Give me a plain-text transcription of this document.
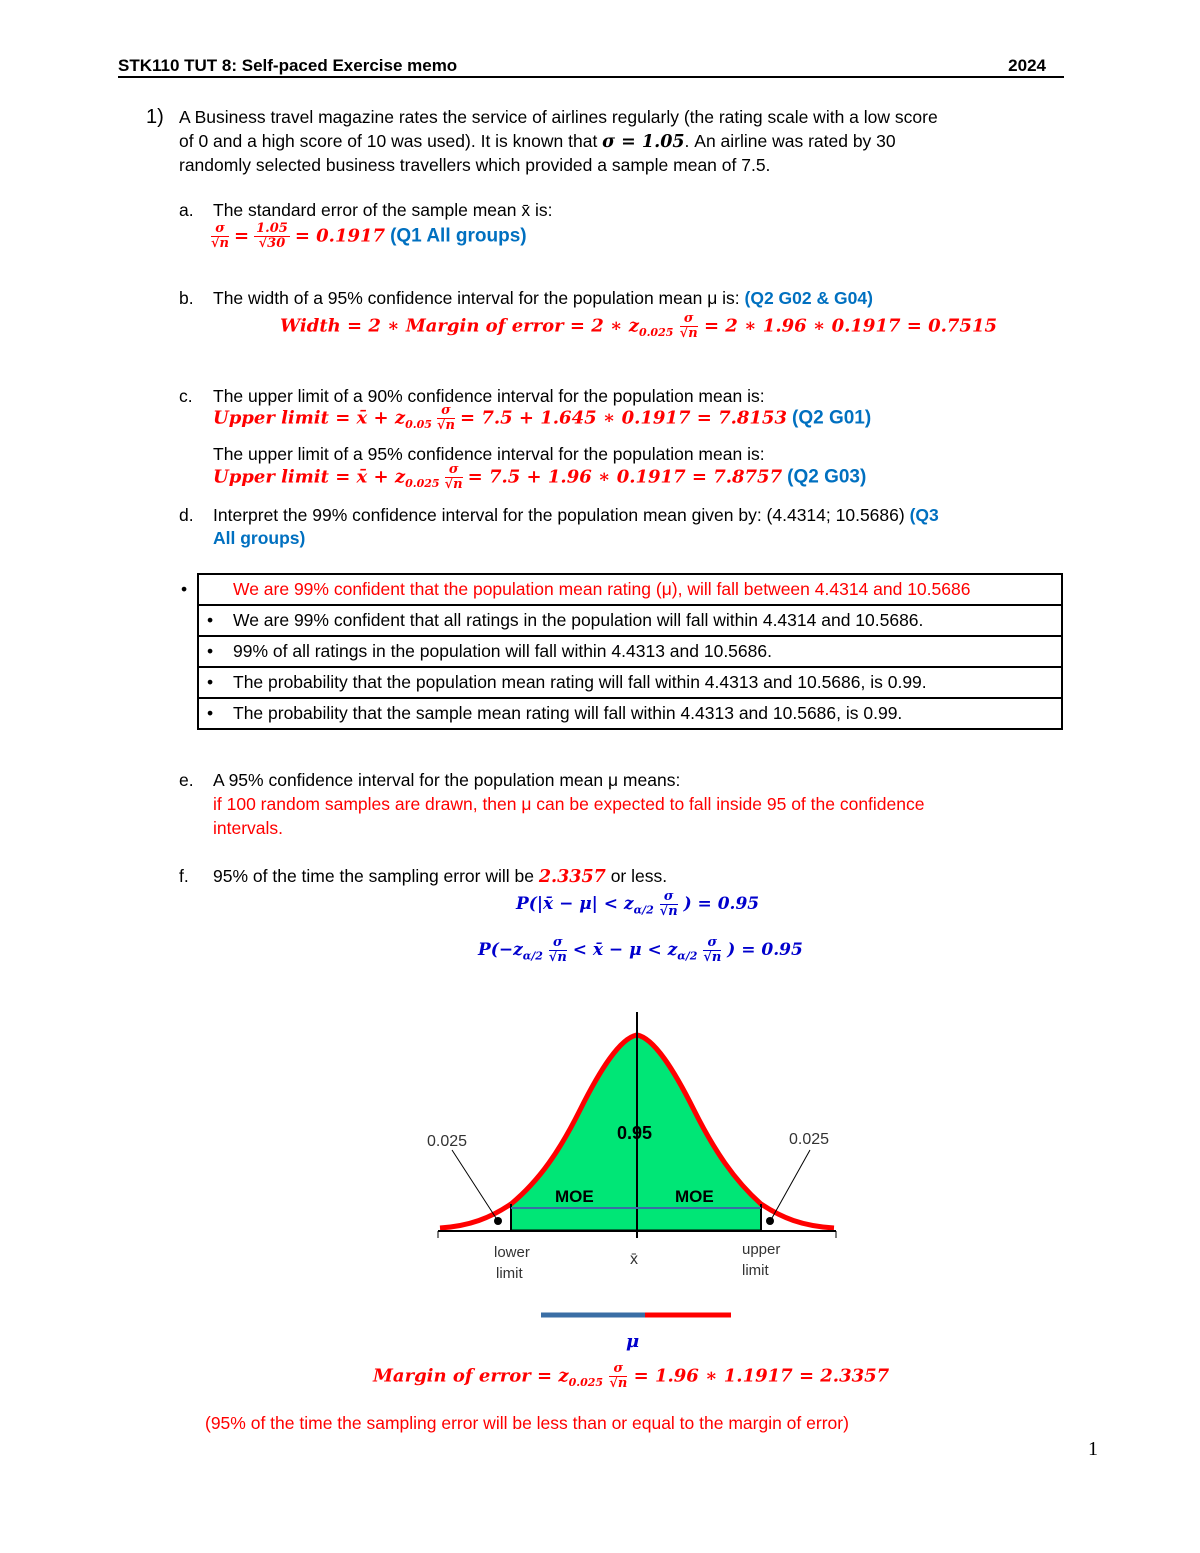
STK110 TUT 8: Self-paced Exercise memo	2024
1) A Business travel magazine rates the service of airlines regularly (the rating scale with a low score
of 0 and a high score of 10 was used). It is known that σ = 1.05. An airline was rated by 30
randomly selected business travellers which provided a sample mean of 7.5.
a. The standard error of the sample mean x̄ is:
$\frac{\sigma}{√n} = \frac{1.05}{√30} = 0.1917$ (Q1 All groups)
b. The width of a 95% confidence interval for the population mean μ is: (Q2 G02 & G04)
Width = 2 ∗ Margin of error = 2 ∗ $z_{0.025} \frac{\sigma}{√n} = 2$ ∗ 1.96 ∗ 0.1917 = 0.7515
c. The upper limit of a 90% confidence interval for the population mean is:
Upper limit = x̄ + $z_{0.05} \frac{\sigma}{√n} = 7.5 + 1.645$ ∗ 0.1917 = 7.8153 (Q2 G01)
The upper limit of a 95% confidence interval for the population mean is:
Upper limit = x̄ + $z_{0.025} \frac{\sigma}{√n} = 7.5 + 1.96$ ∗ 0.1917 = 7.8757 (Q2 G03)
d. Interpret the 99% confidence interval for the population mean given by: (4.4314; 10.5686) (Q3
All groups)
•	We are 99% confident that the population mean rating (μ), will fall between 4.4314 and 10.5686
• We are 99% confident that all ratings in the population will fall within 4.4314 and 10.5686.
• 99% of all ratings in the population will fall within 4.4313 and 10.5686.
• The probability that the population mean rating will fall within 4.4313 and 10.5686, is 0.99.
• The probability that the sample mean rating will fall within 4.4313 and 10.5686, is 0.99.
e. A 95% confidence interval for the population mean μ means:
if 100 random samples are drawn, then μ can be expected to fall inside 95 of the confidence
intervals.
f. 95% of the time the sampling error will be 2.3357 or less.
P(|x̄ − $\mu| < z_{\alpha/2} \frac{\sigma}{√n}$ ) = 0.95
$P(-z_{\alpha/2} \frac{\sigma}{√n}$ < x̄ − $\mu < z_{\alpha/2} \frac{\sigma}{√n}$ ) = 0.95
0.025	0.025
0.95
MOE	MOE
lower
limit
x̄
upper
limit
μ
Margin of error = $z_{0.025} \frac{\sigma}{√n} = 1.96$ ∗ 1.1917 = 2.3357
(95% of the time the sampling error will be less than or equal to the margin of error)
1
